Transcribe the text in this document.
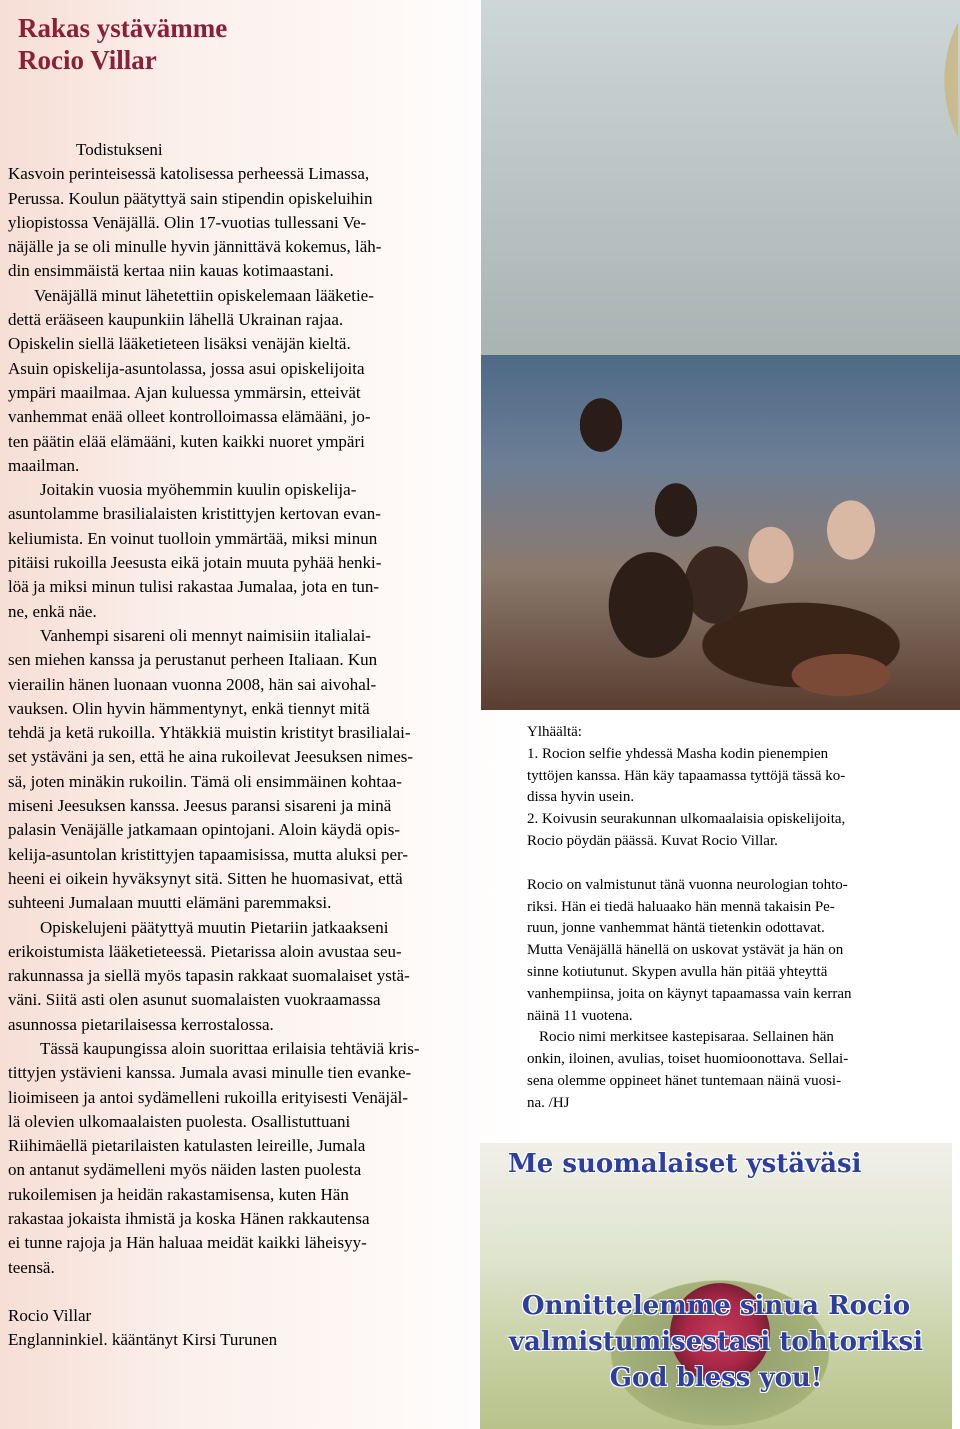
Rakas ystävämme
Rocio Villar

Todistukseni

Kasvoin perinteisessä katolisessa perheessä Limassa,

Perussa. Koulun päätyttyä sain stipendin opiskeluihin

yliopistossa Venäjällä. Olin 17-vuotias tullessani Ve-

näjälle ja se oli minulle hyvin jännittävä kokemus, läh-

din ensimmäistä kertaa niin kauas kotimaastani.

Venäjällä minut lähetettiin opiskelemaan lääketie-

dettä erääseen kaupunkiin lähellä Ukrainan rajaa.

Opiskelin siellä lääketieteen lisäksi venäjän kieltä.

Asuin opiskelija-asuntolassa, jossa asui opiskelijoita

ympäri maailmaa. Ajan kuluessa ymmärsin, etteivät

vanhemmat enää olleet kontrolloimassa elämääni, jo-

ten päätin elää elämääni, kuten kaikki nuoret ympäri

maailman.

Joitakin vuosia myöhemmin kuulin opiskelija-

asuntolamme brasilialaisten kristittyjen kertovan evan-

keliumista. En voinut tuolloin ymmärtää, miksi minun

pitäisi rukoilla Jeesusta eikä jotain muuta pyhää henki-

löä ja miksi minun tulisi rakastaa Jumalaa, jota en tun-

ne, enkä näe.

Vanhempi sisareni oli mennyt naimisiin italialai-

sen miehen kanssa ja perustanut perheen Italiaan. Kun

vierailin hänen luonaan vuonna 2008, hän sai aivohal-

vauksen. Olin hyvin hämmentynyt, enkä tiennyt mitä

tehdä ja ketä rukoilla. Yhtäkkiä muistin kristityt brasilialai-

set ystäväni ja sen, että he aina rukoilevat Jeesuksen nimes-

sä, joten minäkin rukoilin. Tämä oli ensimmäinen kohtaa-

miseni Jeesuksen kanssa. Jeesus paransi sisareni ja minä

palasin Venäjälle jatkamaan opintojani. Aloin käydä opis-

kelija-asuntolan kristittyjen tapaamisissa, mutta aluksi per-

heeni ei oikein hyväksynyt sitä. Sitten he huomasivat, että

suhteeni Jumalaan muutti elämäni paremmaksi.

Opiskelujeni päätyttyä muutin Pietariin jatkaakseni

erikoistumista lääketieteessä. Pietarissa aloin avustaa seu-

rakunnassa ja siellä myös tapasin rakkaat suomalaiset ystä-

väni. Siitä asti olen asunut suomalaisten vuokraamassa

asunnossa pietarilaisessa kerrostalossa.

Tässä kaupungissa aloin suorittaa erilaisia tehtäviä kris-

tittyjen ystävieni kanssa. Jumala avasi minulle tien evanke-

lioimiseen ja antoi sydämelleni rukoilla erityisesti Venäjäl-

lä olevien ulkomaalaisten puolesta. Osallistuttuani

Riihimäellä pietarilaisten katulasten leireille, Jumala

on antanut sydämelleni myös näiden lasten puolesta

rukoilemisen ja heidän rakastamisensa, kuten Hän

rakastaa jokaista ihmistä ja koska Hänen rakkautensa

ei tunne rajoja ja Hän haluaa meidät kaikki läheisyy-

teensä.

Rocio Villar
Englanninkiel. kääntänyt Kirsi Turunen

Ylhäältä:

1. Rocion selfie yhdessä Masha kodin pienempien

tyttöjen kanssa. Hän käy tapaamassa tyttöjä tässä ko-

dissa hyvin usein.

2. Koivusin seurakunnan ulkomaalaisia opiskelijoita,

Rocio pöydän päässä. Kuvat Rocio Villar.

Rocio on valmistunut tänä vuonna neurologian tohto-

riksi. Hän ei tiedä haluaako hän mennä takaisin Pe-

ruun, jonne vanhemmat häntä tietenkin odottavat.

Mutta Venäjällä hänellä on uskovat ystävät ja hän on

sinne kotiutunut. Skypen avulla hän pitää yhteyttä

vanhempiinsa, joita on käynyt tapaamassa vain kerran

näinä 11 vuotena.

Rocio nimi merkitsee kastepisaraa. Sellainen hän

onkin, iloinen, avulias, toiset huomioonottava. Sellai-

sena olemme oppineet hänet tuntemaan näinä vuosi-

na. /HJ

Me suomalaiset ystäväsi
Onnittelemme sinua Rocio
valmistumisestasi tohtoriksi
God bless you!
